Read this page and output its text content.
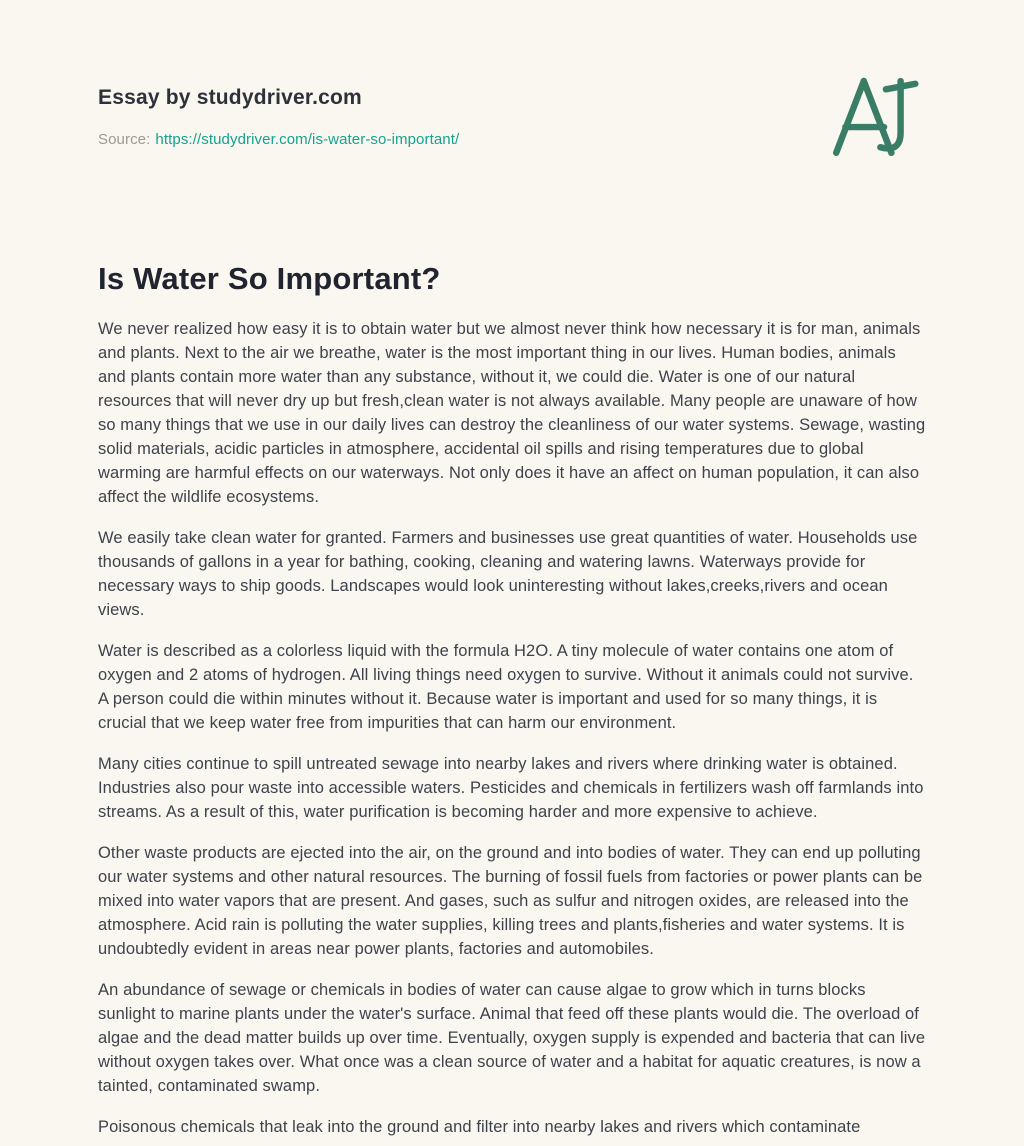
Essay by studydriver.com
Source: https://studydriver.com/is-water-so-important/
Is Water So Important?

We never realized how easy it is to obtain water but we almost never think how necessary it is for man, animals and plants. Next to the air we breathe, water is the most important thing in our lives. Human bodies, animals and plants contain more water than any substance, without it, we could die. Water is one of our natural resources that will never dry up but fresh,clean water is not always available. Many people are unaware of how so many things that we use in our daily lives can destroy the cleanliness of our water systems. Sewage, wasting solid materials, acidic particles in atmosphere, accidental oil spills and rising temperatures due to global warming are harmful effects on our waterways. Not only does it have an affect on human population, it can also affect the wildlife ecosystems.

We easily take clean water for granted. Farmers and businesses use great quantities of water. Households use thousands of gallons in a year for bathing, cooking, cleaning and watering lawns. Waterways provide for necessary ways to ship goods. Landscapes would look uninteresting without lakes,creeks,rivers and ocean views.

Water is described as a colorless liquid with the formula H2O. A tiny molecule of water contains one atom of oxygen and 2 atoms of hydrogen. All living things need oxygen to survive. Without it animals could not survive. A person could die within minutes without it. Because water is important and used for so many things, it is crucial that we keep water free from impurities that can harm our environment.

Many cities continue to spill untreated sewage into nearby lakes and rivers where drinking water is obtained. Industries also pour waste into accessible waters. Pesticides and chemicals in fertilizers wash off farmlands into streams. As a result of this, water purification is becoming harder and more expensive to achieve.

Other waste products are ejected into the air, on the ground and into bodies of water. They can end up polluting our water systems and other natural resources. The burning of fossil fuels from factories or power plants can be mixed into water vapors that are present. And gases, such as sulfur and nitrogen oxides, are released into the atmosphere. Acid rain is polluting the water supplies, killing trees and plants,fisheries and water systems. It is undoubtedly evident in areas near power plants, factories and automobiles.

An abundance of sewage or chemicals in bodies of water can cause algae to grow which in turns blocks sunlight to marine plants under the water's surface. Animal that feed off these plants would die. The overload of algae and the dead matter builds up over time. Eventually, oxygen supply is expended and bacteria that can live without oxygen takes over. What once was a clean source of water and a habitat for aquatic creatures, is now a tainted, contaminated swamp.

Poisonous chemicals that leak into the ground and filter into nearby lakes and rivers which contaminate
